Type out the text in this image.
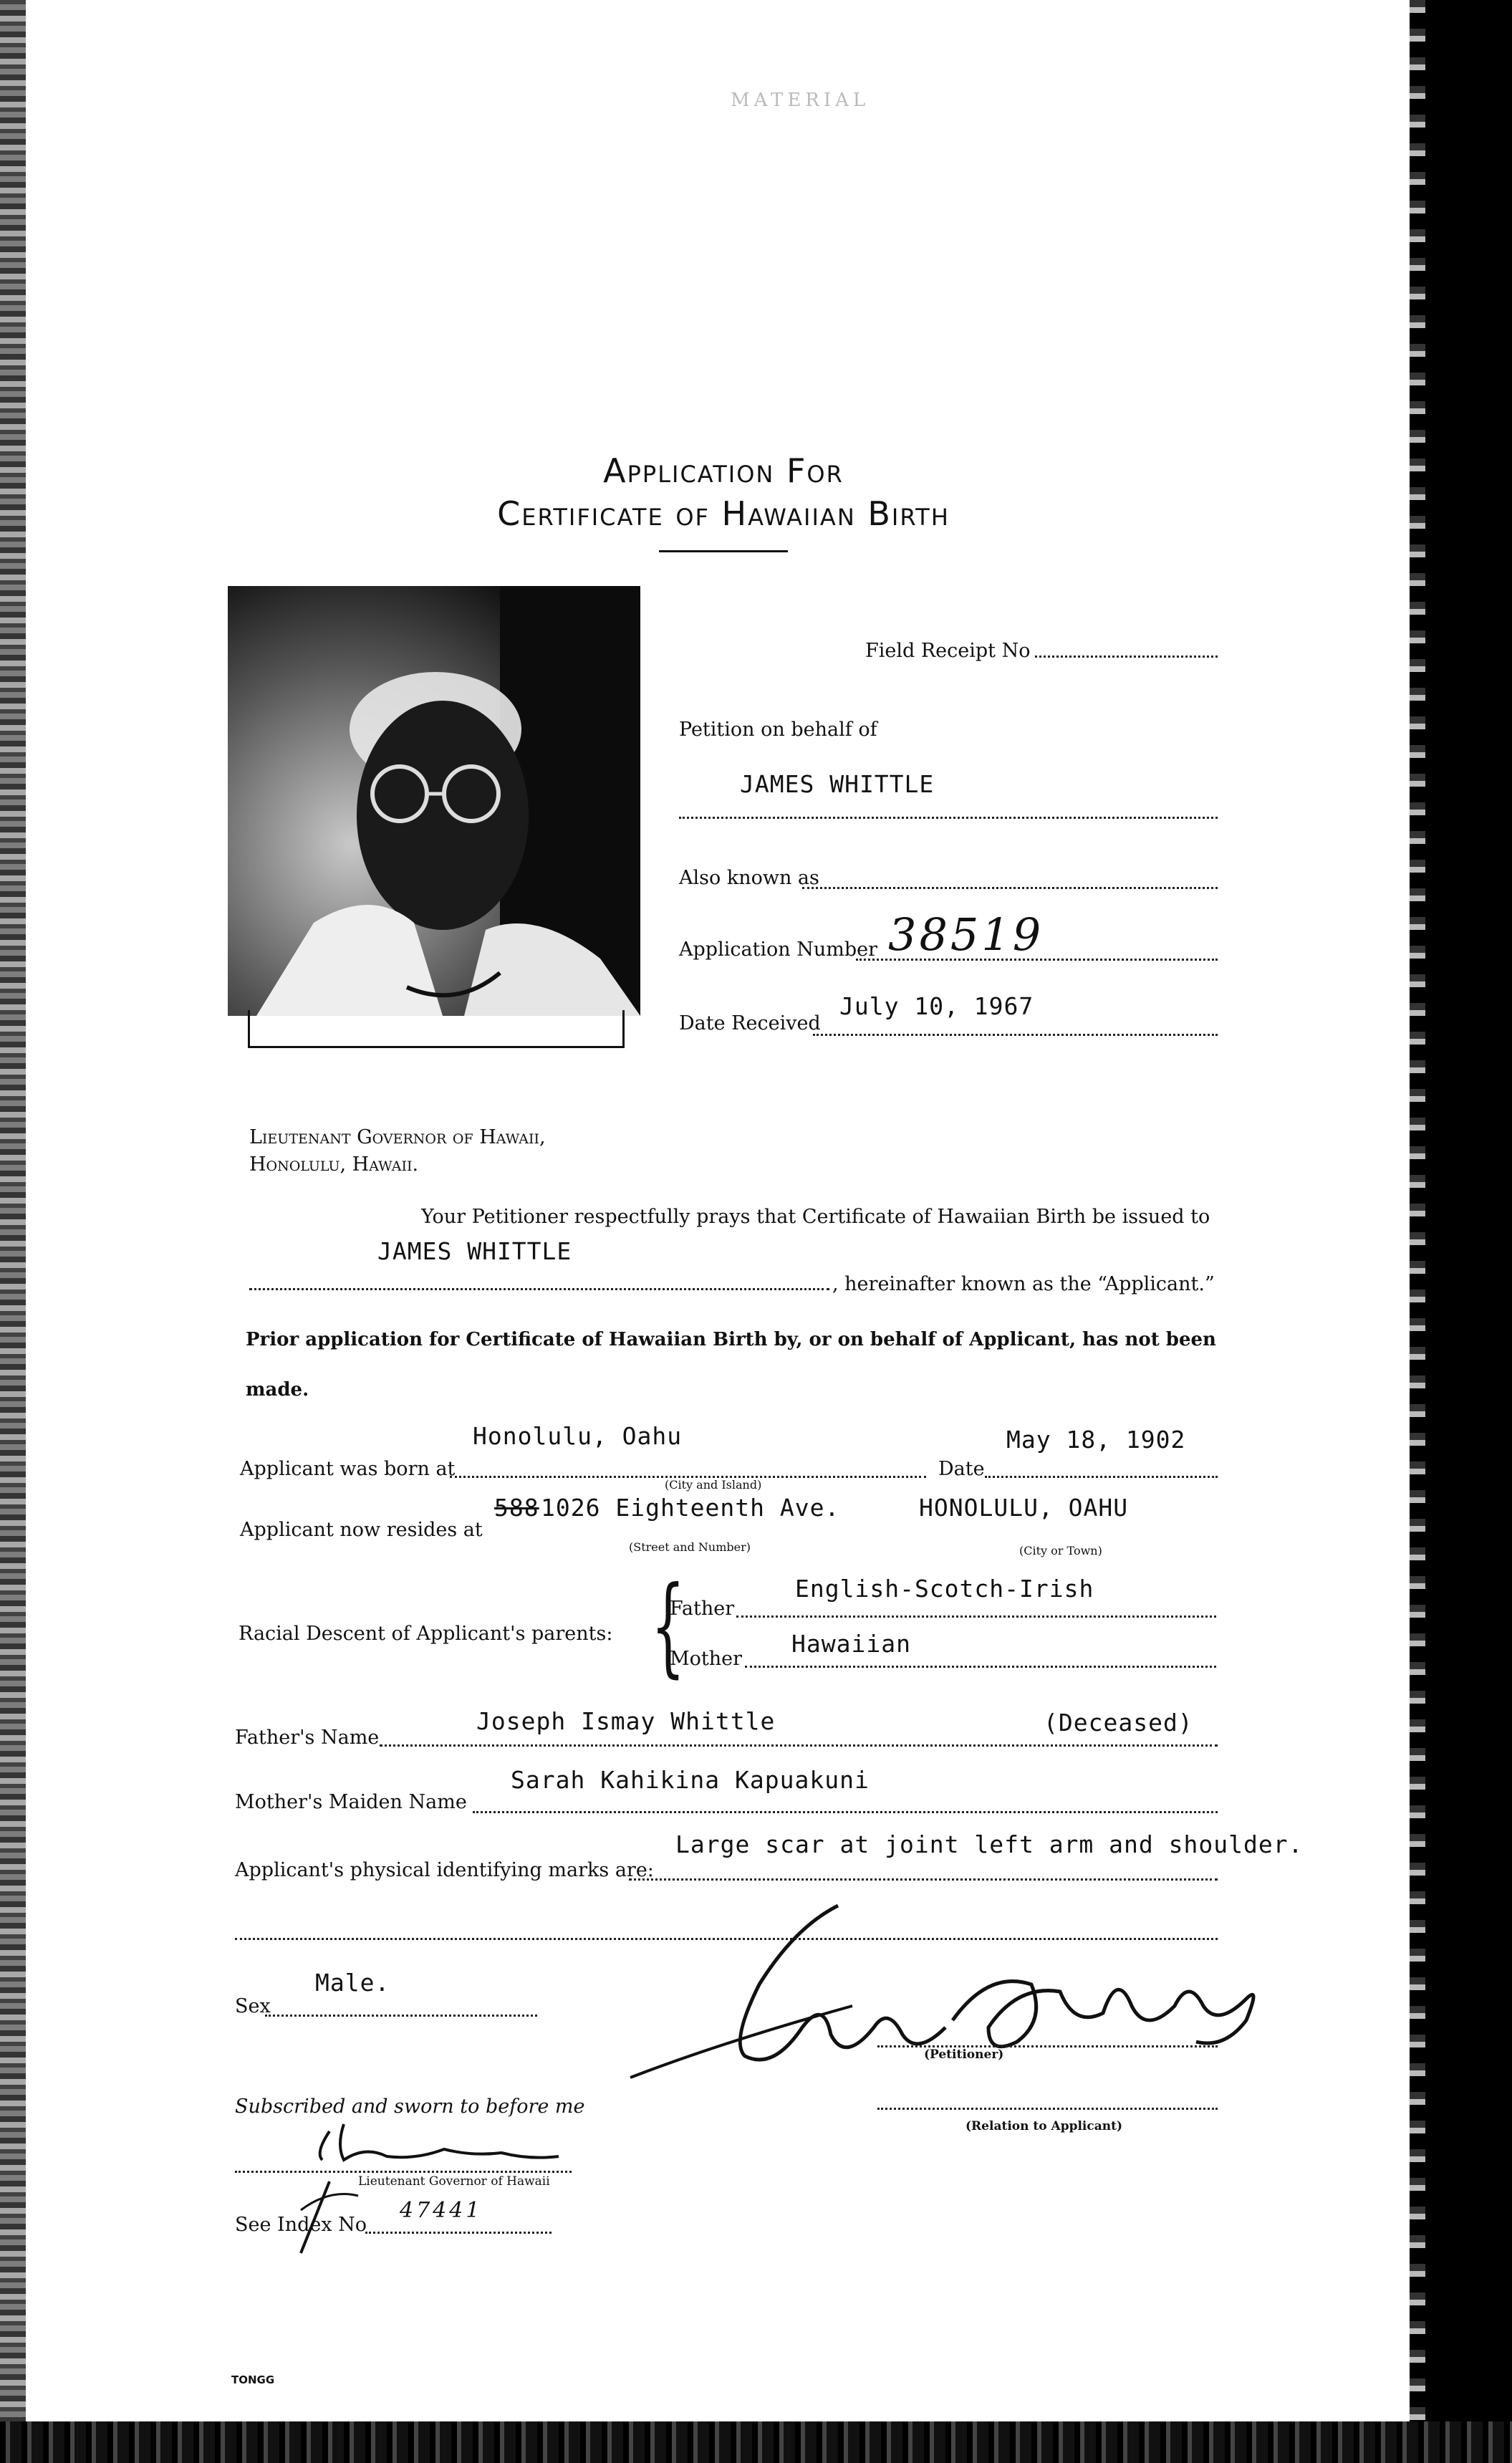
MATERIAL
Application For
Certificate of Hawaiian Birth
Field Receipt No
Petition on behalf of
JAMES WHITTLE
Also known as
Application Number 38519
Date Received
July 10, 1967
Lieutenant Governor of Hawaii,
Honolulu, Hawaii.
Your Petitioner respectfully prays that Certificate of Hawaiian Birth be issued to
JAMES WHITTLE
, hereinafter known as the “Applicant.”
Prior application for Certificate of Hawaiian Birth by, or on behalf of Applicant, has not been
made.
Applicant was born at
Honolulu, Oahu
(City and Island)
Date
May 18, 1902
Applicant now resides at
588 1026 Eighteenth Ave.
(Street and Number)
HONOLULU, OAHU
(City or Town)
Racial Descent of Applicant's parents: {
Father
English-Scotch-Irish
Mother
Hawaiian
Father's Name
Joseph Ismay Whittle	(Deceased)
Mother's Maiden Name
Sarah Kahikina Kapuakuni
Applicant's physical identifying marks are:
Large scar at joint left arm and shoulder.
Sex
Male.
(Petitioner)
(Relation to Applicant)
Subscribed and sworn to before me
Lieutenant Governor of Hawaii
See Index No
47441
TONGG
